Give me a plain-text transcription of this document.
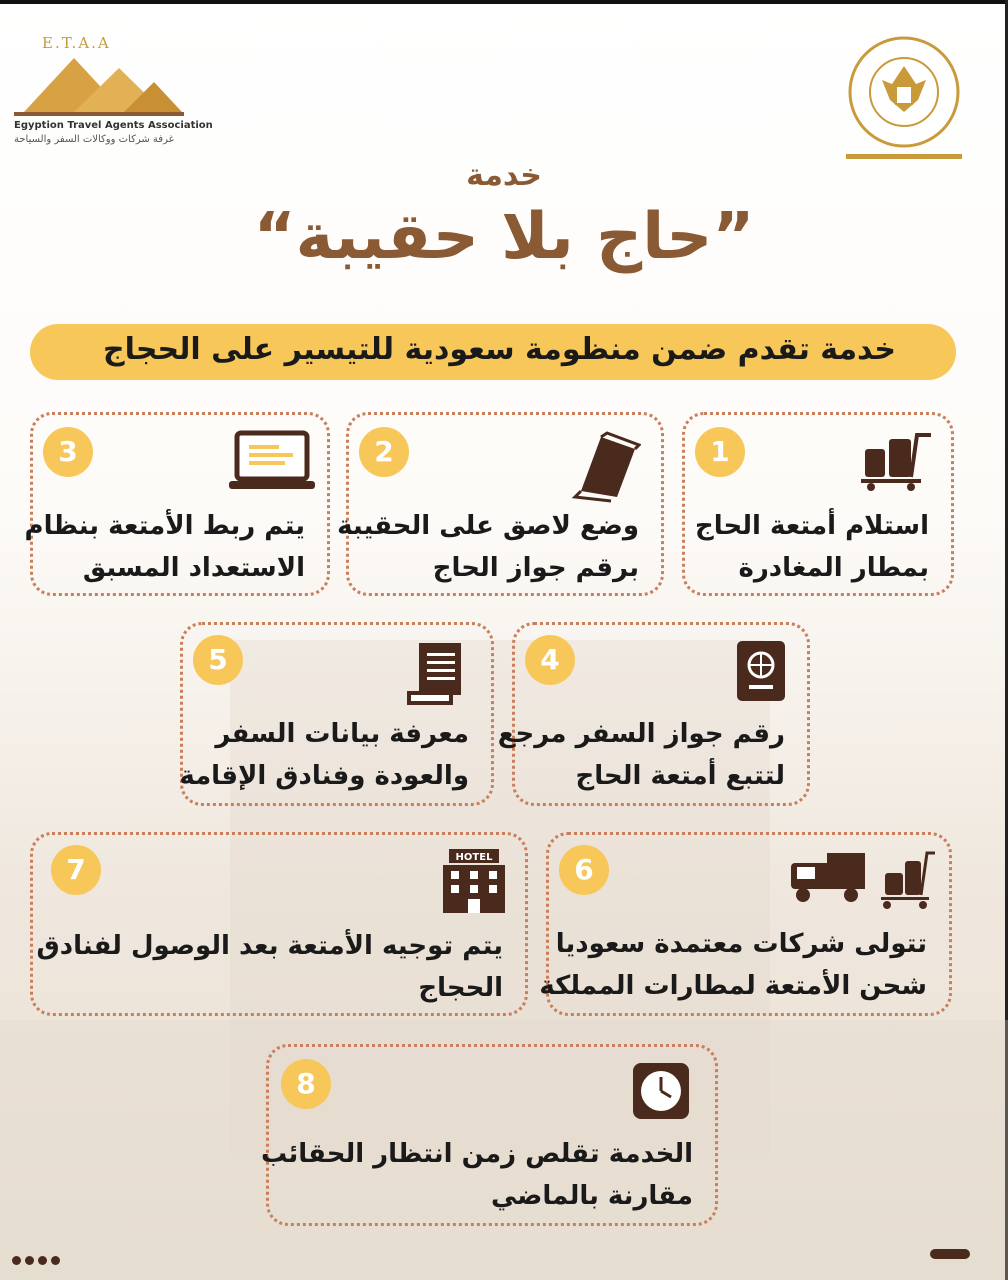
E.T.A.A
Egyption Travel Agents Association
غرفة شركات ووكالات السفر والسياحة
خدمة
”حاج بلا حقيبة“
خدمة تقدم ضمن منظومة سعودية للتيسير على الحجاج
1
استلام أمتعة الحاج
بمطار المغادرة
2
وضع لاصق على الحقيبة
برقم جواز الحاج
3
يتم ربط الأمتعة بنظام
الاستعداد المسبق
4
رقم جواز السفر مرجع
لتتبع أمتعة الحاج
5
معرفة بيانات السفر
والعودة وفنادق الإقامة
6
تتولى شركات معتمدة سعوديا
شحن الأمتعة لمطارات المملكة
7	HOTEL
يتم توجيه الأمتعة بعد الوصول لفنادق
الحجاج
8
الخدمة تقلص زمن انتظار الحقائب
مقارنة بالماضي
